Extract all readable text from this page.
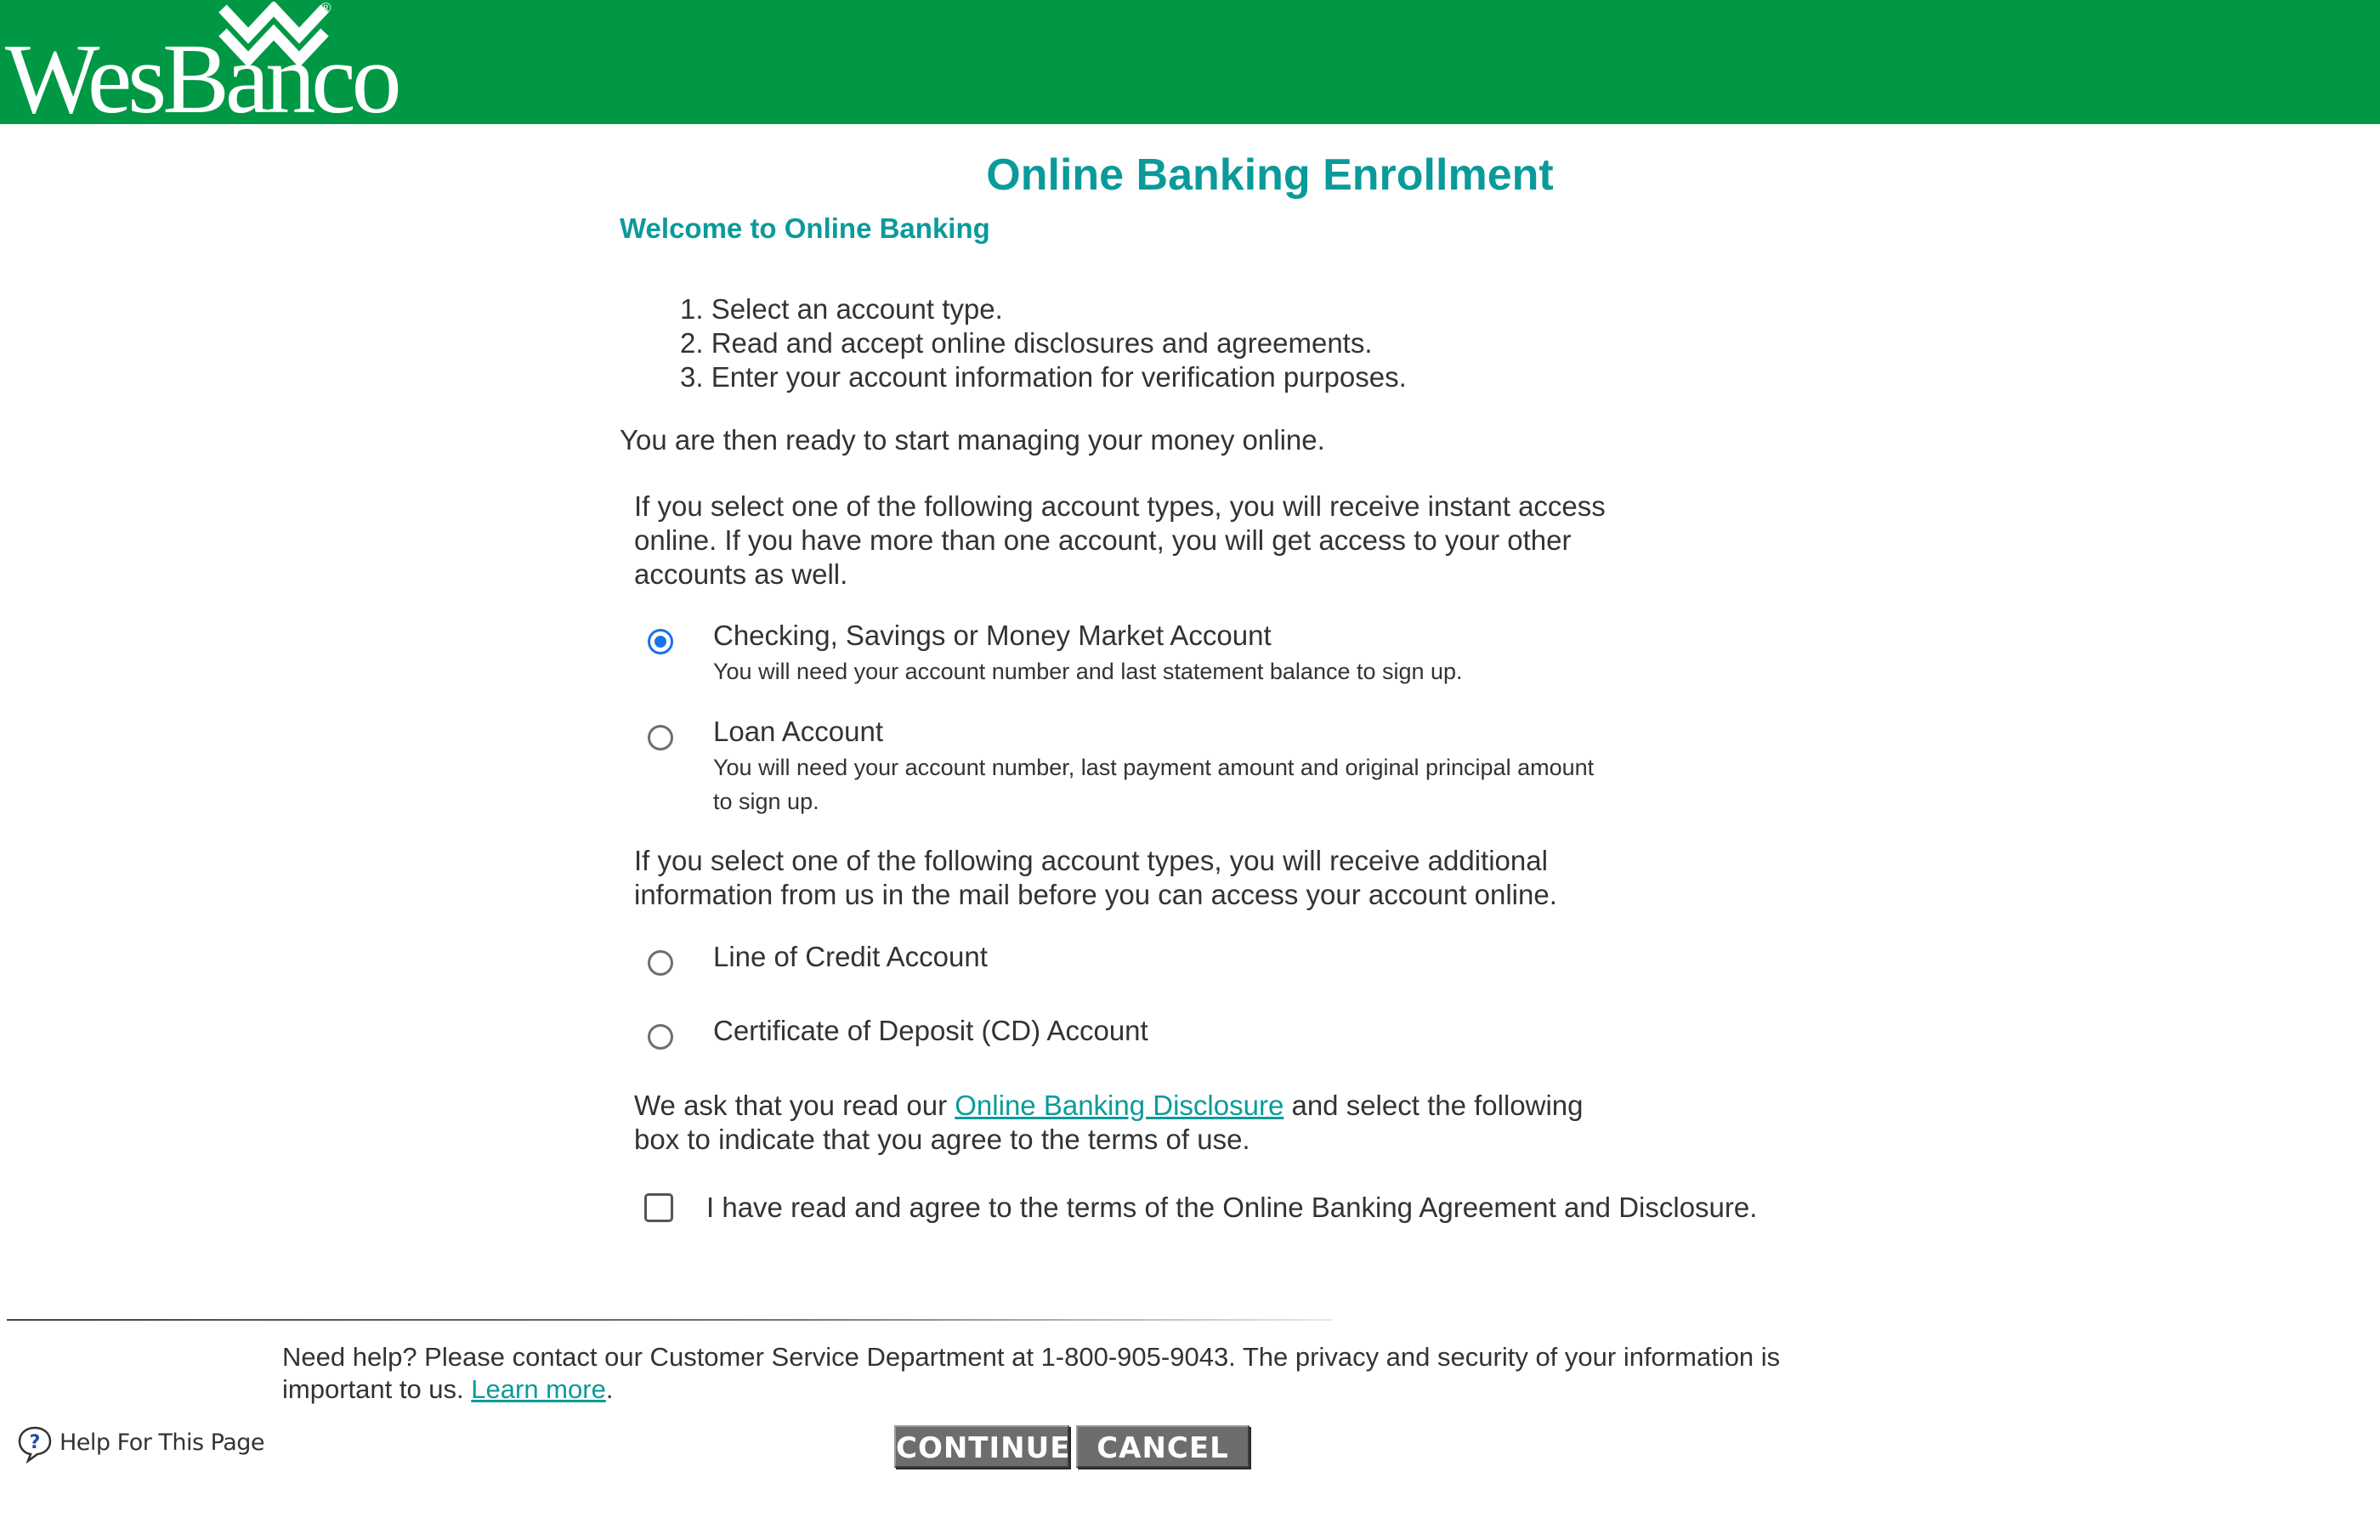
®
WesBanco
Online Banking Enrollment
Welcome to Online Banking
1. Select an account type.
2. Read and accept online disclosures and agreements.
3. Enter your account information for verification purposes.
You are then ready to start managing your money online.
If you select one of the following account types, you will receive instant access
online. If you have more than one account, you will get access to your other
accounts as well.
Checking, Savings or Money Market Account
You will need your account number and last statement balance to sign up.
Loan Account
You will need your account number, last payment amount and original principal amount
to sign up.
If you select one of the following account types, you will receive additional
information from us in the mail before you can access your account online.
Line of Credit Account
Certificate of Deposit (CD) Account
We ask that you read our Online Banking Disclosure and select the following
box to indicate that you agree to the terms of use.
I have read and agree to the terms of the Online Banking Agreement and Disclosure.
Need help? Please contact our Customer Service Department at 1-800-905-9043. The privacy and security of your information is
important to us. Learn more.
? Help For This Page	CONTINUE CANCEL
